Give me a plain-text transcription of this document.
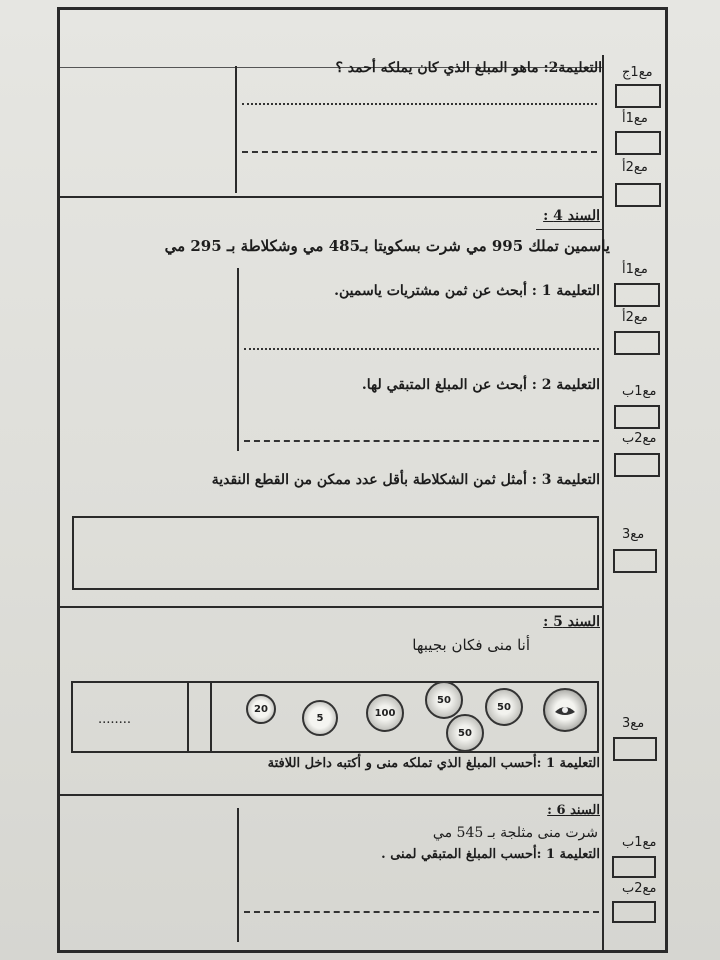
التعليمة2: ماهو المبلغ الذي كان يملكه أحمد ؟ مع1ج
مع1أ
مع2أ
السند 4 :
ياسمين تملك 995 مي شرت بسكويتا بـ485 مي وشكلاطة بـ 295 مي
التعليمة 1 : أبحث عن ثمن مشتريات ياسمين.
التعليمة 2 : أبحث عن المبلغ المتبقي لها.
مع1أ
مع2أ
مع1ب
مع2ب
التعليمة 3 : أمثل ثمن الشكلاطة بأقل عدد ممكن من القطع النقدية
مع3
السند 5 :
أنا منى فكان بجيبها
........
20
5	100
50
50
50
التعليمة 1 :أحسب المبلغ الذي تملكه منى و أكتبه داخل اللافتة
مع3
السند 6 :
شرت منى مثلجة بـ 545 مي
التعليمة 1 :أحسب المبلغ المتبقي لمنى .
مع1ب
مع2ب
